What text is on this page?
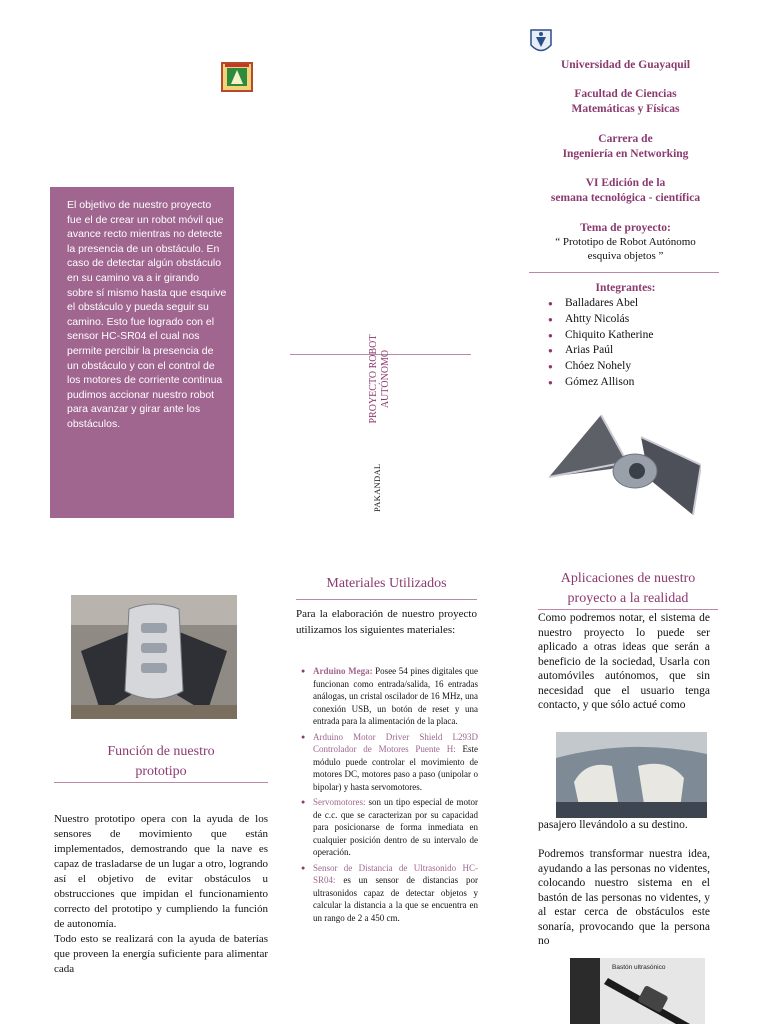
El objetivo de nuestro proyecto fue el de crear un robot móvil que avance recto mientras no detecte la presencia de un obstáculo. En caso de detectar algún obstáculo en su camino va a ir girando sobre sí mismo hasta que esquive el obstáculo y pueda seguir su camino. Esto fue logrado con el sensor HC-SR04 el cual nos permite percibir la presencia de un obstáculo y con el control de los motores de corriente continua pudimos accionar nuestro robot para avanzar y girar ante los obstáculos.
PROYECTO ROBOT AUTÓNOMO
PAKANDAL
Universidad de Guayaquil
Facultad de Ciencias
Matemáticas y Físicas
Carrera de
Ingeniería en Networking
VI Edición de la
semana tecnológica - científica
Tema de proyecto:
“ Prototipo de Robot Autónomo
esquiva objetos ”
Integrantes:
● Balladares Abel
● Ahtty Nicolás
● Chiquito Katherine
● Arias Paúl
● Chóez Nohely
● Gómez Allison
Función de nuestro
prototipo

Nuestro prototipo opera con la ayuda de los sensores de movimiento que están implementados, demostrando que la nave es capaz de trasladarse de un lugar a otro, logrando así el objetivo de evitar obstáculos u obstrucciones que impidan el funcionamiento correcto del prototipo y cumpliendo la función de autonomía.

Todo esto se realizará con la ayuda de baterías que proveen la energía suficiente para alimentar cada

Materiales Utilizados
Para la elaboración de nuestro proyecto utilizamos los siguientes materiales:
● Arduino Mega: Posee 54 pines digitales que funcionan como entrada/salida, 16 entradas análogas, un cristal oscilador de 16 MHz, una conexión USB, un botón de reset y una entrada para la alimentación de la placa.
● Arduino Motor Driver Shield L293D Controlador de Motores Puente H: Este módulo puede controlar el movimiento de motores DC, motores paso a paso (unipolar o bipolar) y hasta servomotores.
● Servomotores: son un tipo especial de motor de c.c. que se caracterizan por su capacidad para posicionarse de forma inmediata en cualquier posición dentro de su intervalo de operación.
● Sensor de Distancia de Ultrasonido HC-SR04: es un sensor de distancias por ultrasonidos capaz de detectar objetos y calcular la distancia a la que se encuentra en un rango de 2 a 450 cm.
Aplicaciones de nuestro
proyecto a la realidad
Como podremos notar, el sistema de nuestro proyecto lo puede ser aplicado a otras ideas que serán a beneficio de la sociedad, Usarla con automóviles autónomos, que sin necesidad que el usuario tenga contacto, y que sólo actué como
pasajero llevándolo a su destino.
Podremos transformar nuestra idea, ayudando a las personas no videntes, colocando nuestro sistema en el bastón de las personas no videntes, y al estar cerca de obstáculos este sonaría, provocando que la persona no
Bastón ultrasónico
